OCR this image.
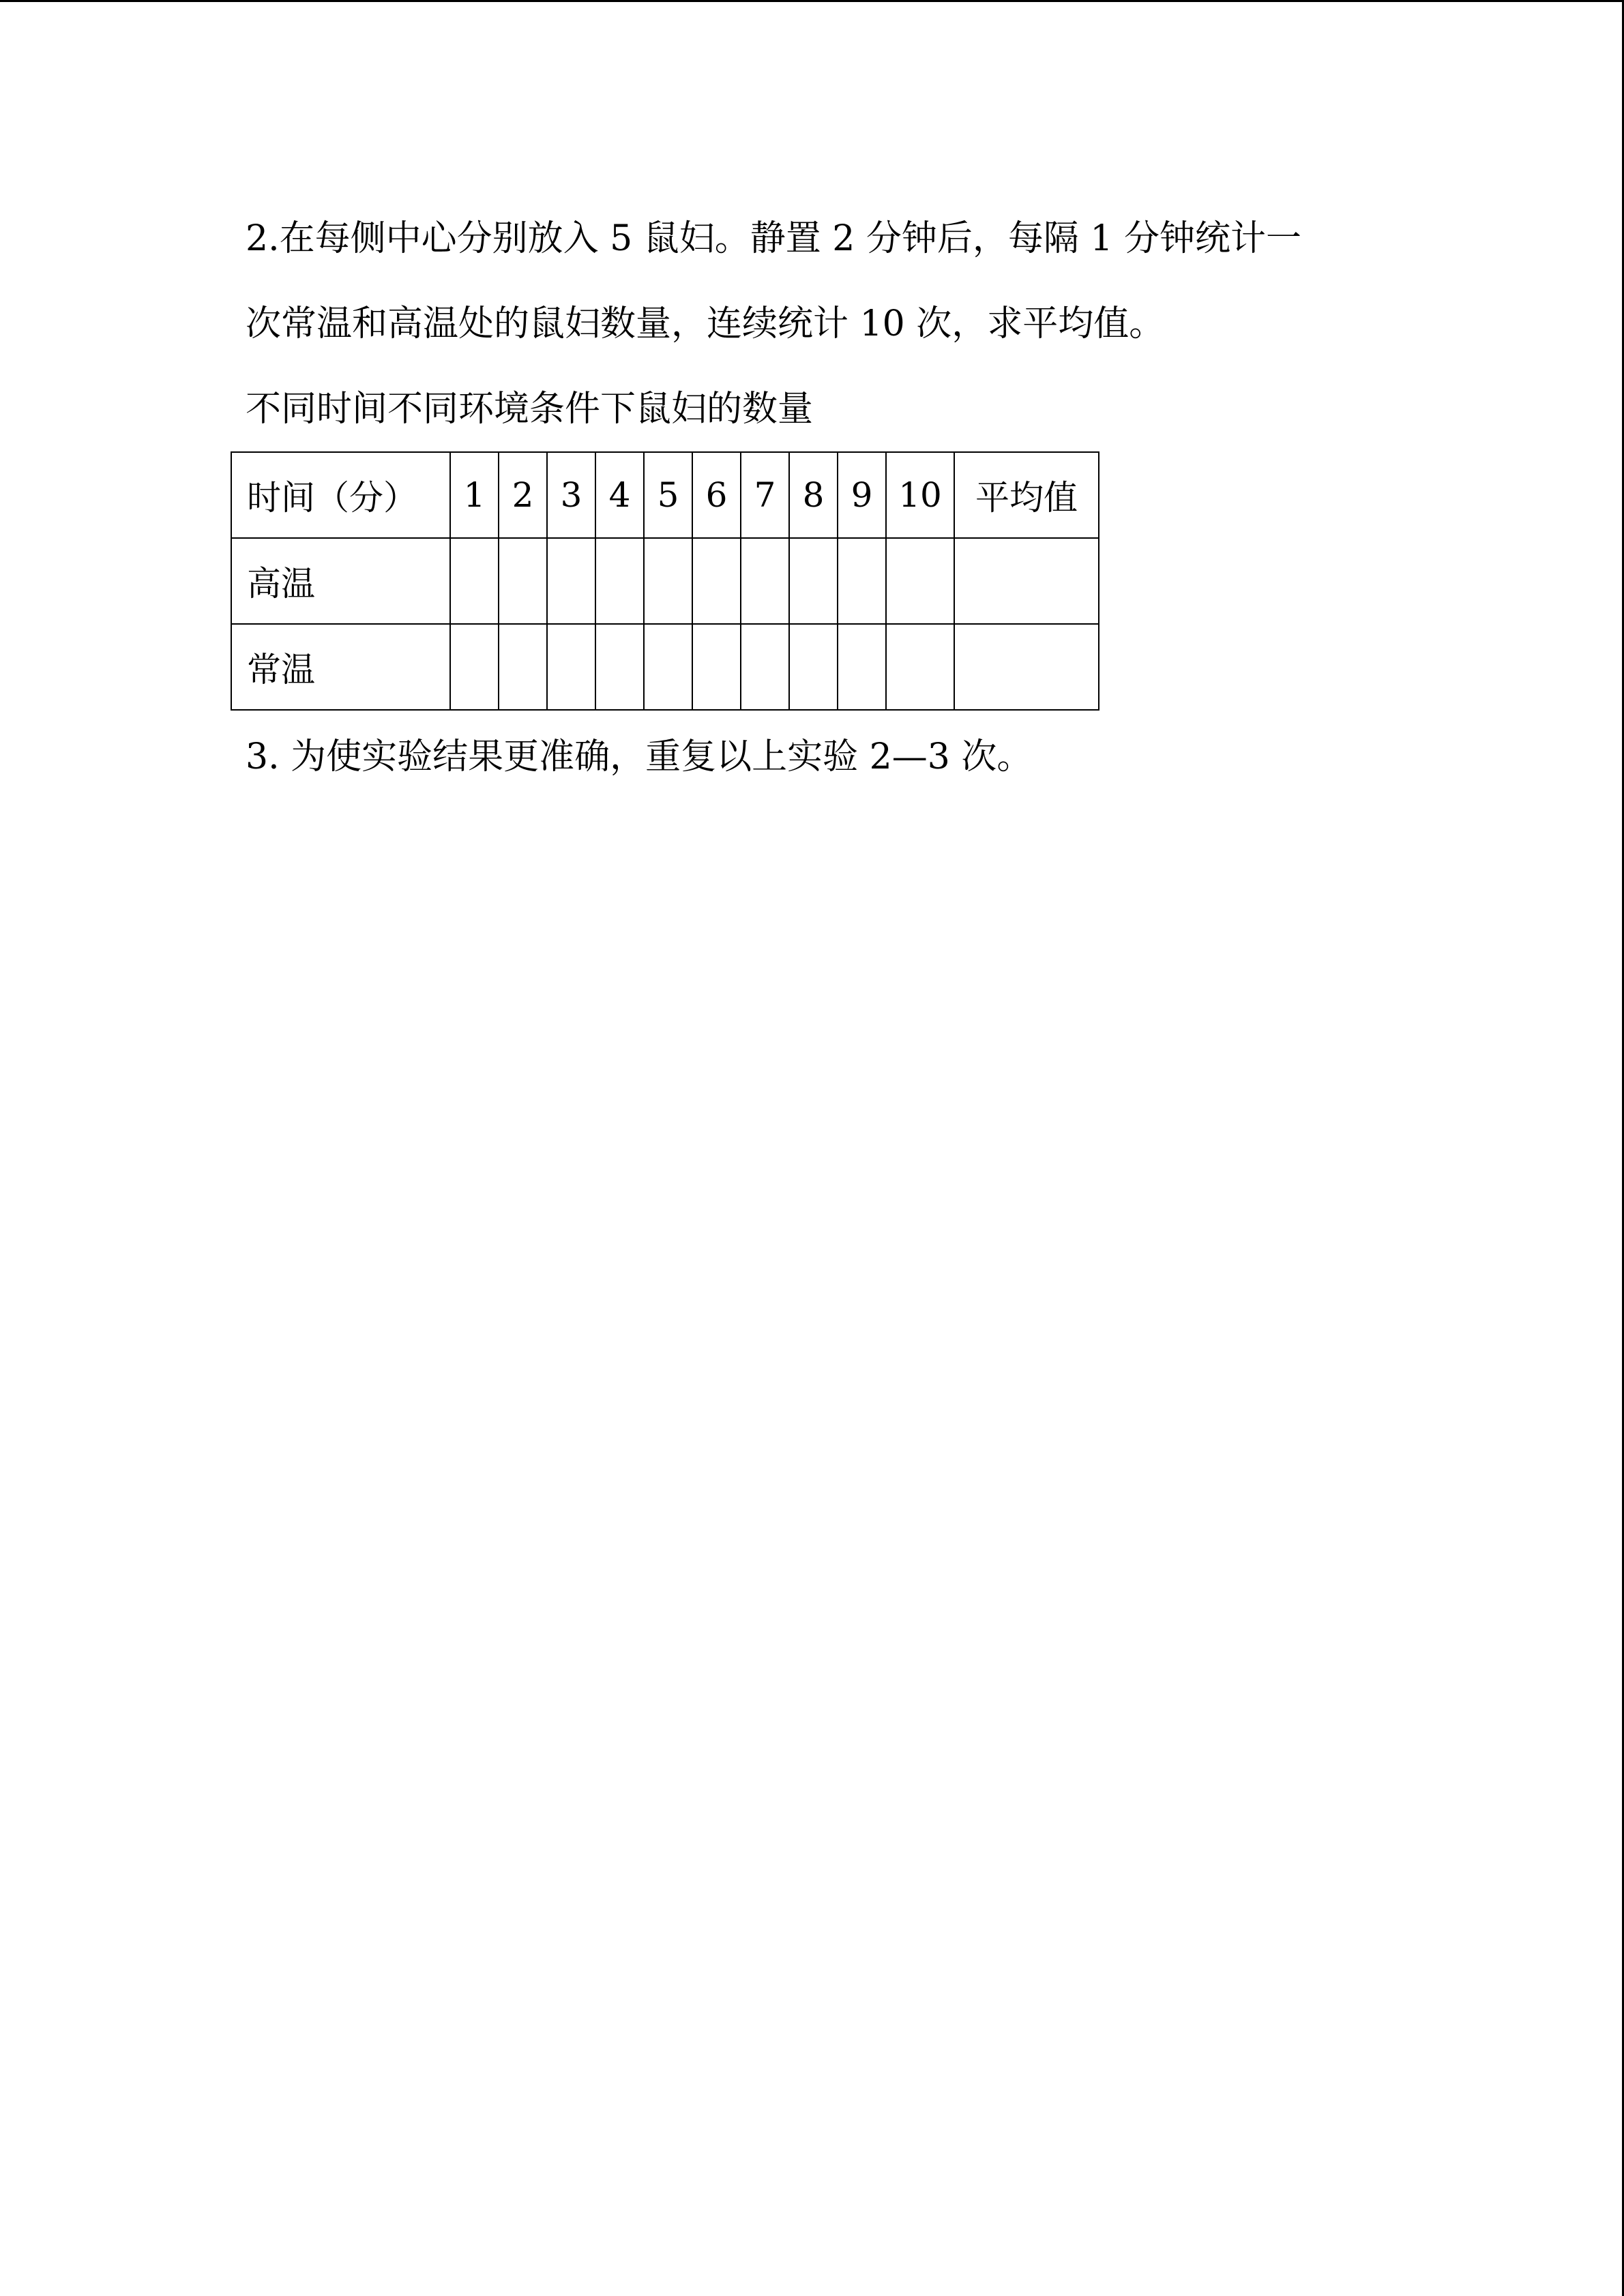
2.在每侧中心分别放入 5 鼠妇。静置 2 分钟后，每隔 1 分钟统计一

次常温和高温处的鼠妇数量，连续统计 10 次，求平均值。

不同时间不同环境条件下鼠妇的数量

时间（分）	1	2	3	4	5	6	7	8	9	10	平均值
高温											
常温											

3. 为使实验结果更准确，重复以上实验 2—3 次。
